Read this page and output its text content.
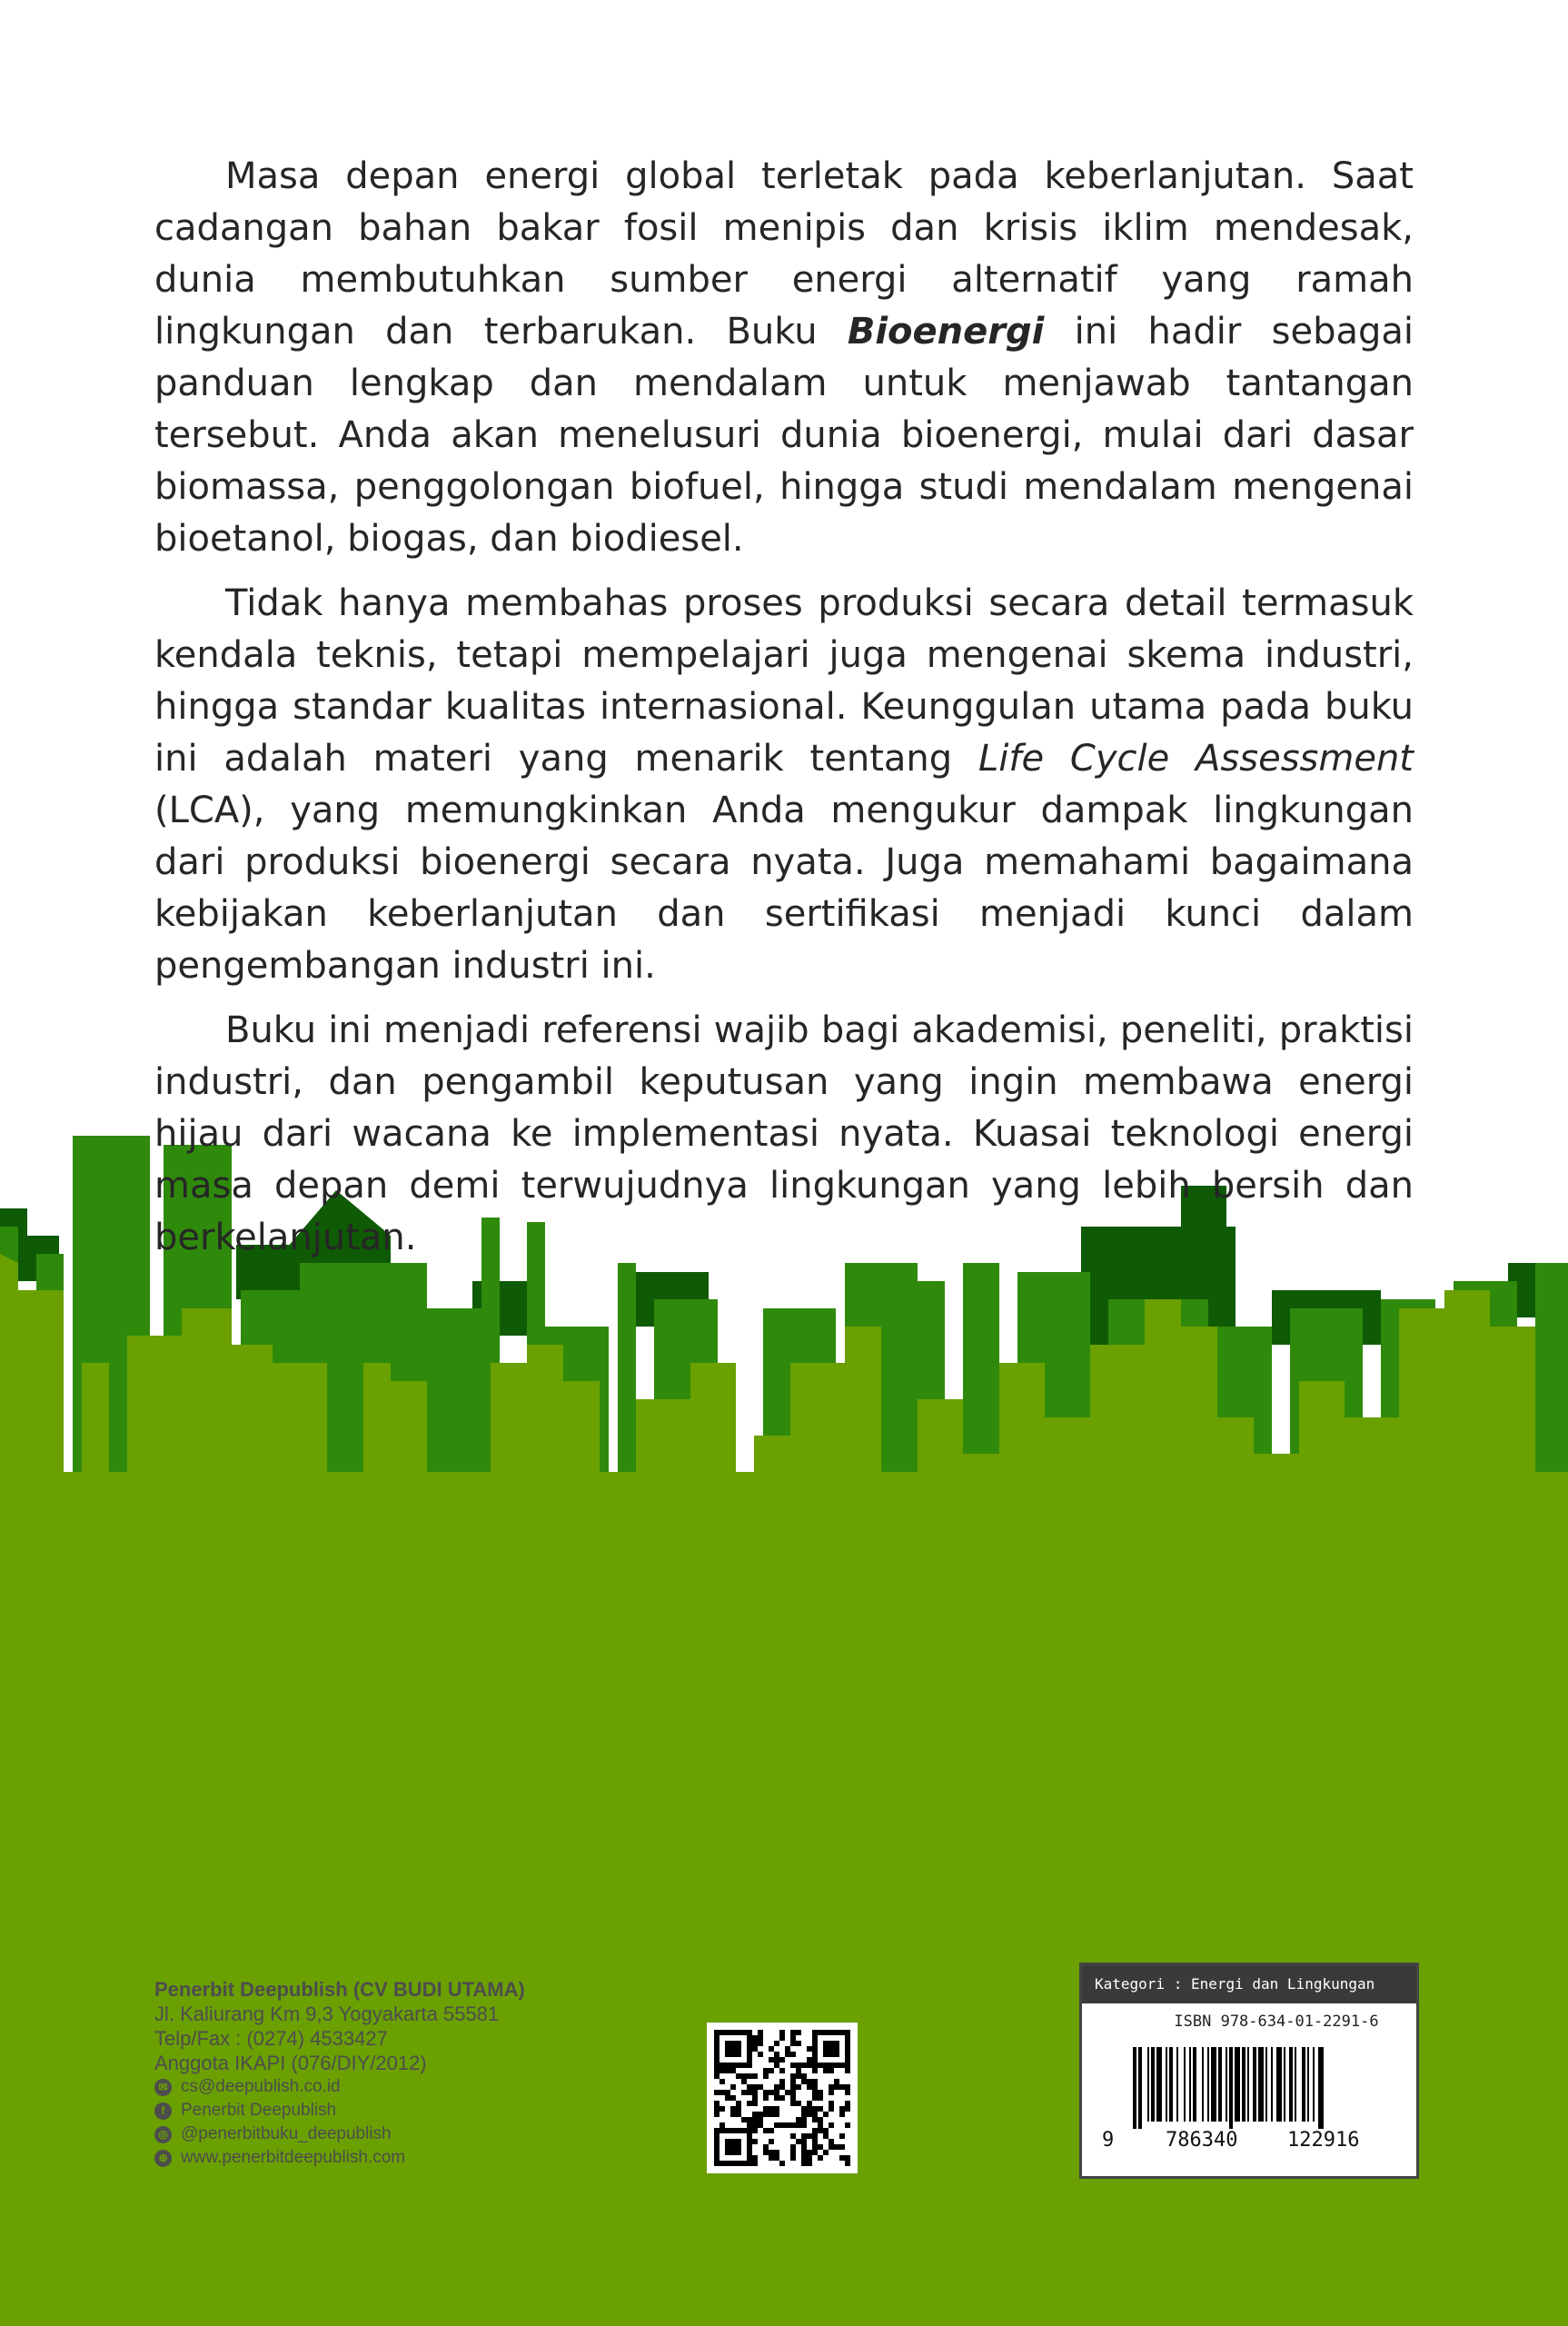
Masa depan energi global terletak pada keberlanjutan. Saat cadangan bahan bakar fosil menipis dan krisis iklim mendesak, dunia membutuhkan sumber energi alternatif yang ramah lingkungan dan terbarukan. Buku Bioenergi ini hadir sebagai panduan lengkap dan mendalam untuk menjawab tantangan tersebut. Anda akan menelusuri dunia bioenergi, mulai dari dasar biomassa, penggolongan biofuel, hingga studi mendalam mengenai bioetanol, biogas, dan biodiesel.

Tidak hanya membahas proses produksi secara detail termasuk kendala teknis, tetapi mempelajari juga mengenai skema industri, hingga standar kualitas internasional. Keunggulan utama pada buku ini adalah materi yang menarik tentang Life Cycle Assessment (LCA), yang memungkinkan Anda mengukur dampak lingkungan dari produksi bioenergi secara nyata. Juga memahami bagaimana kebijakan keberlanjutan dan sertifikasi menjadi kunci dalam pengembangan industri ini.

Buku ini menjadi referensi wajib bagi akademisi, peneliti, praktisi industri, dan pengambil keputusan yang ingin membawa energi hijau dari wacana ke implementasi nyata. Kuasai teknologi energi masa depan demi terwujudnya lingkungan yang lebih bersih dan berkelanjutan.

Penerbit Deepublish (CV BUDI UTAMA)
Jl. Kaliurang Km 9,3 Yogyakarta 55581
Telp/Fax : (0274) 4533427
Anggota IKAPI (076/DIY/2012)
✉ cs@deepublish.co.id
f Penerbit Deepublish
◎ @penerbitbuku_deepublish
⊕ www.penerbitdeepublish.com
Kategori : Energi dan Lingkungan
ISBN 978-634-01-2291-6
9	786340 122916
